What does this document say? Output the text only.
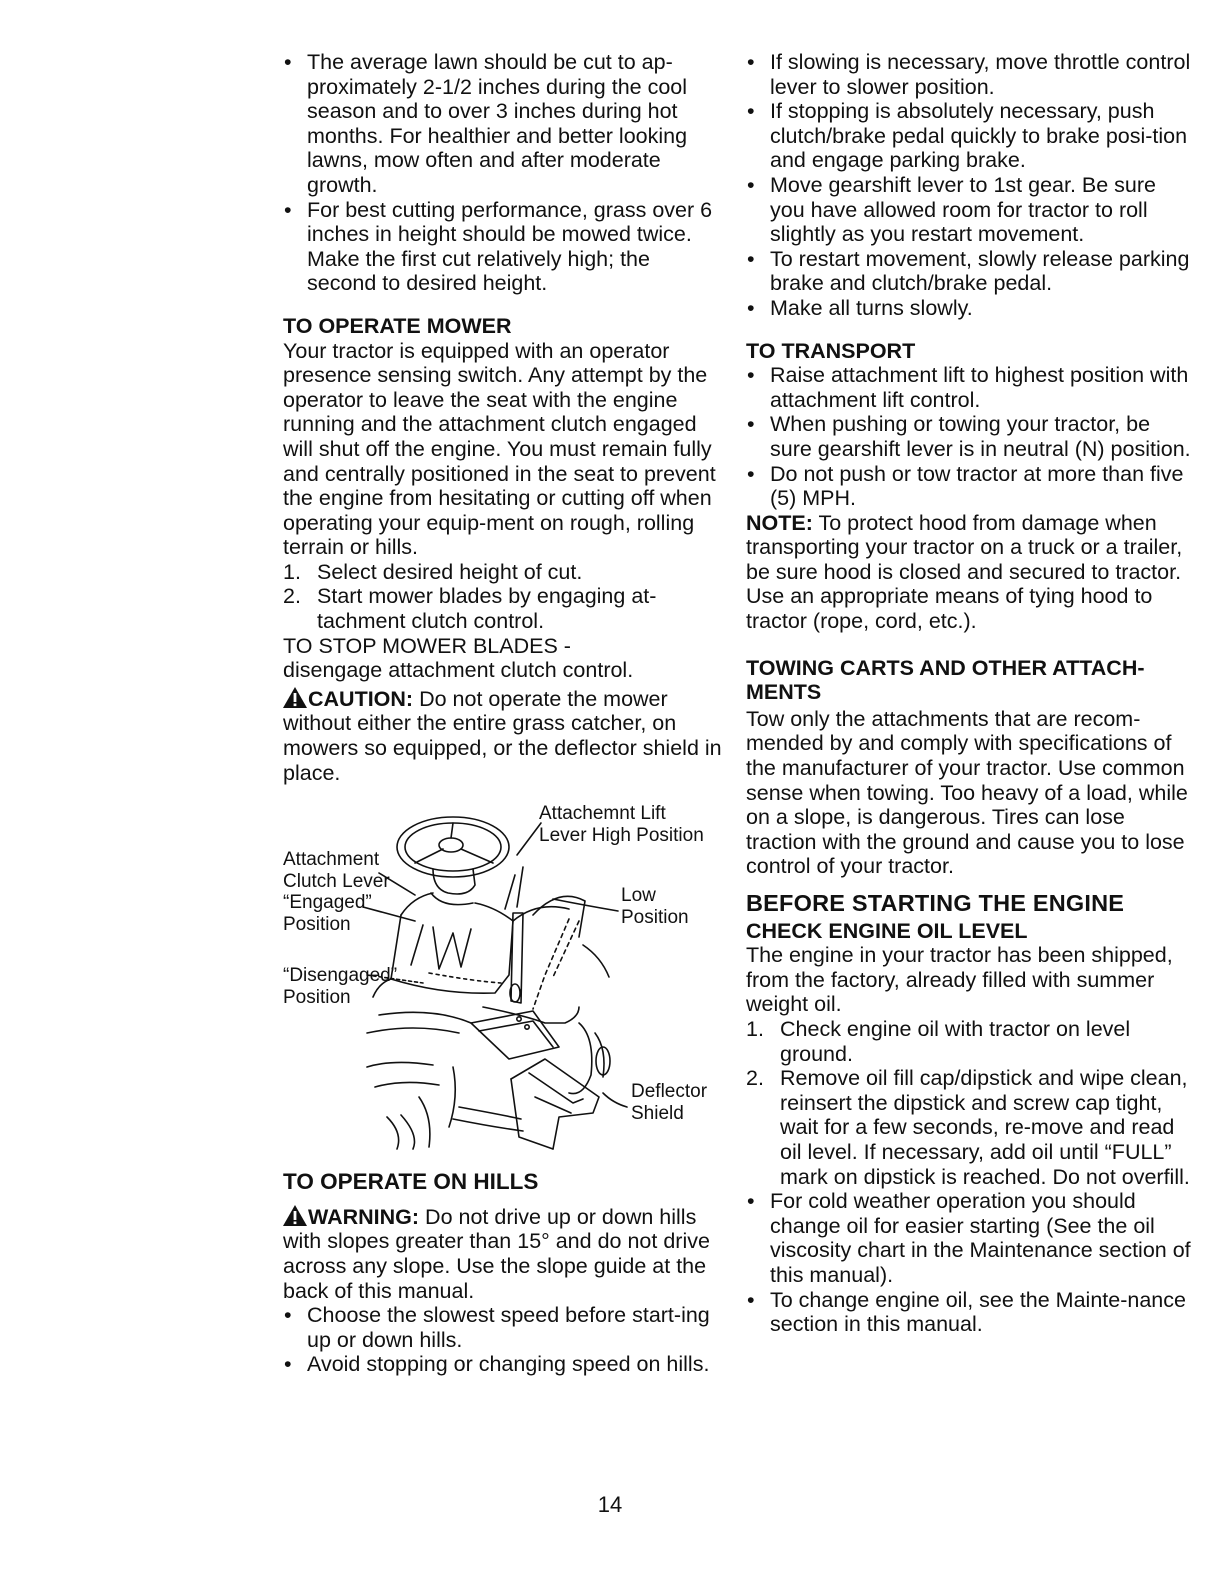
• The average lawn should be cut to ap-proximately 2-1/2 inches during the cool season and to over 3 inches during hot months. For healthier and better looking lawns, mow often and after moderate growth.
• For best cutting performance, grass over 6 inches in height should be mowed twice. Make the first cut relatively high; the second to desired height.

TO OPERATE MOWER

Your tractor is equipped with an operator presence sensing switch. Any attempt by the operator to leave the seat with the engine running and the attachment clutch engaged will shut off the engine. You must remain fully and centrally positioned in the seat to prevent the engine from hesitating or cutting off when operating your equip-ment on rough, rolling terrain or hills.

1. Select desired height of cut.
2. Start mower blades by engaging at-tachment clutch control.

TO STOP MOWER BLADES -

disengage attachment clutch control.

CAUTION: Do not operate the mower without either the entire grass catcher, on mowers so equipped, or the deflector shield in place.

Attachemnt Lift
Lever High Position
Attachment
Clutch Lever
“Engaged”
Position
Low
Position
“Disengaged”
Position
Deflector
Shield

TO OPERATE ON HILLS

WARNING: Do not drive up or down hills with slopes greater than 15° and do not drive across any slope. Use the slope guide at the back of this manual.

• Choose the slowest speed before start-ing up or down hills.
• Avoid stopping or changing speed on hills.
• If slowing is necessary, move throttle control lever to slower position.
• If stopping is absolutely necessary, push clutch/brake pedal quickly to brake posi-tion and engage parking brake.
• Move gearshift lever to 1st gear. Be sure you have allowed room for tractor to roll slightly as you restart movement.
• To restart movement, slowly release parking brake and clutch/brake pedal.
• Make all turns slowly.

TO TRANSPORT

• Raise attachment lift to highest position with attachment lift control.
• When pushing or towing your tractor, be sure gearshift lever is in neutral (N) position.
• Do not push or tow tractor at more than five (5) MPH.

NOTE: To protect hood from damage when transporting your tractor on a truck or a trailer, be sure hood is closed and secured to tractor. Use an appropriate means of tying hood to tractor (rope, cord, etc.).

TOWING CARTS AND OTHER ATTACH-MENTS

Tow only the attachments that are recom-mended by and comply with specifications of the manufacturer of your tractor. Use common sense when towing. Too heavy of a load, while on a slope, is dangerous. Tires can lose traction with the ground and cause you to lose control of your tractor.

BEFORE STARTING THE ENGINE

CHECK ENGINE OIL LEVEL

The engine in your tractor has been shipped, from the factory, already filled with summer weight oil.

1. Check engine oil with tractor on level ground.
2. Remove oil fill cap/dipstick and wipe clean, reinsert the dipstick and screw cap tight, wait for a few seconds, re-move and read oil level. If necessary, add oil until “FULL” mark on dipstick is reached. Do not overfill.
• For cold weather operation you should change oil for easier starting (See the oil viscosity chart in the Maintenance section of this manual).
• To change engine oil, see the Mainte-nance section in this manual.
14
